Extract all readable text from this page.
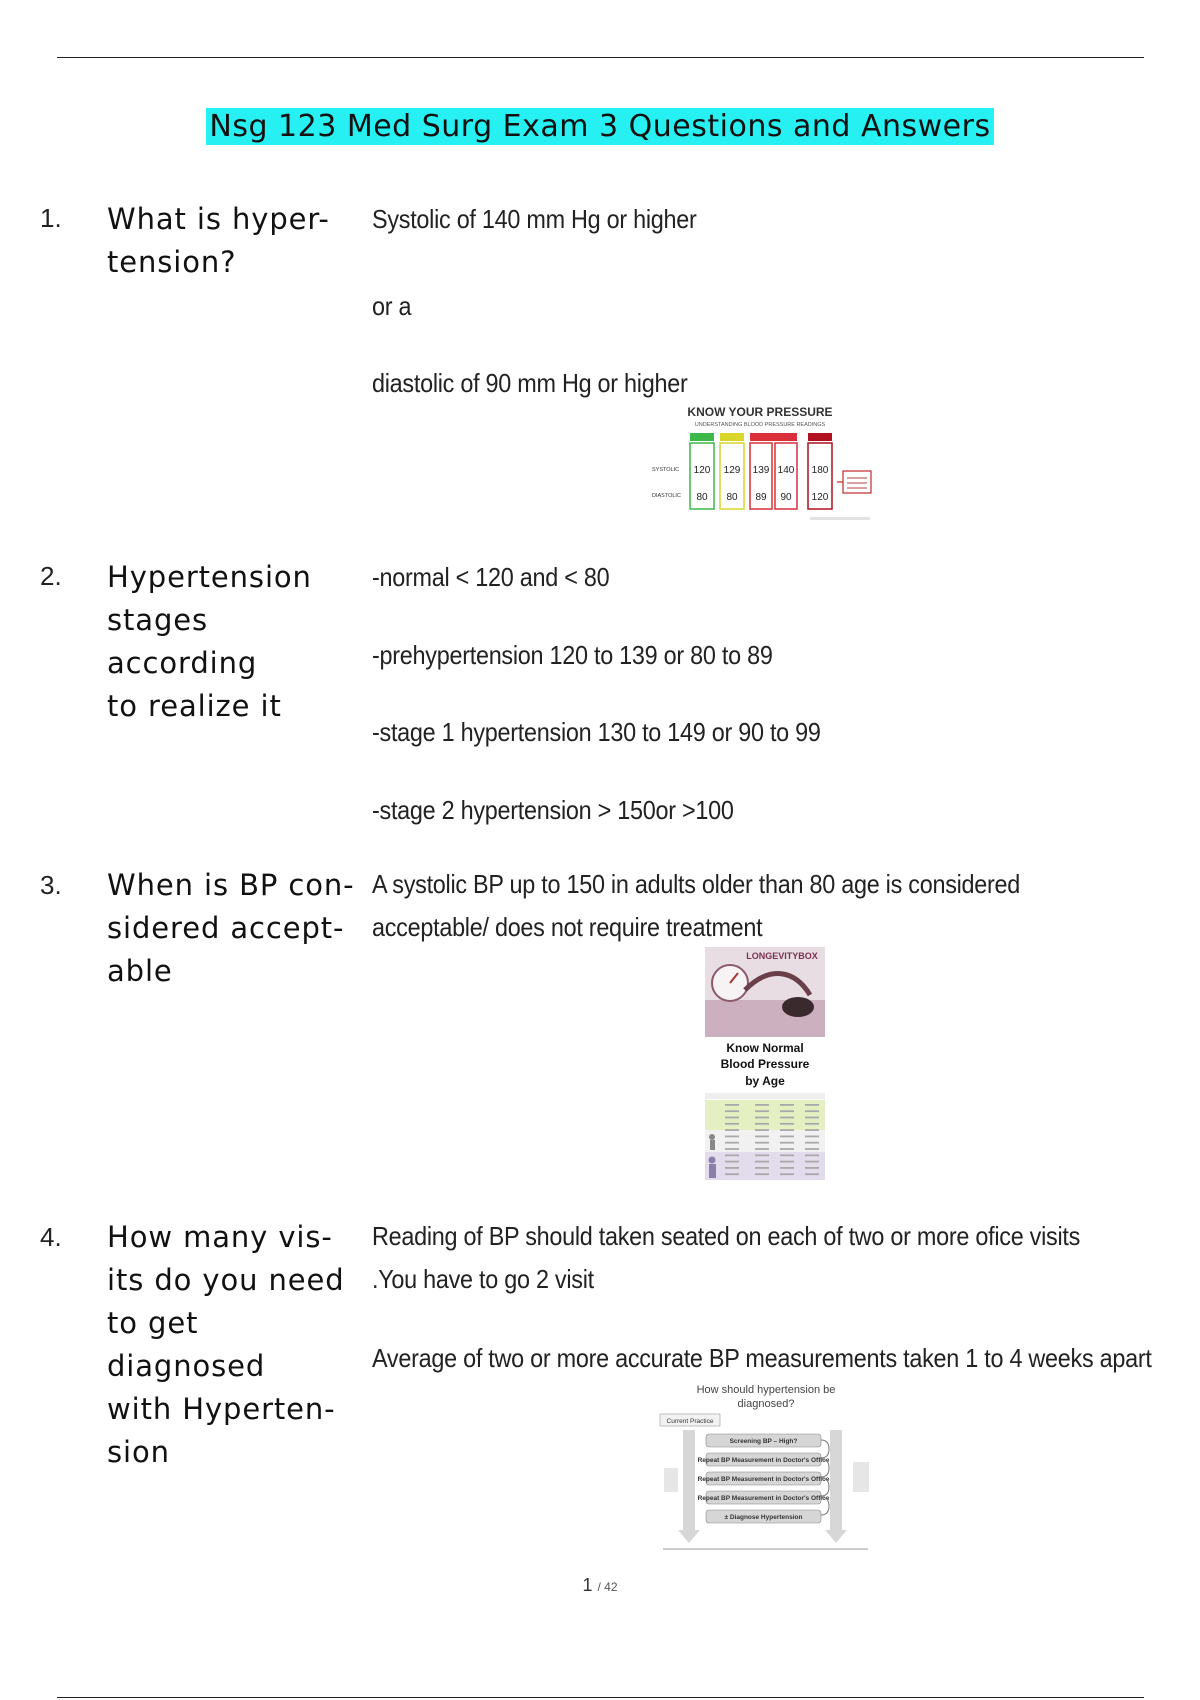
Nsg 123 Med Surg Exam 3 Questions and Answers
1. What is hyper-
tension?
Systolic of 140 mm Hg or higher
or a
diastolic of 90 mm Hg or higher
KNOW YOUR PRESSURE
UNDERSTANDING BLOOD PRESSURE READINGS
SYSTOLIC
DIASTOLIC
120
80
129
80
139
89
140
90
180
120
2. Hypertension
stages according
to realize it
-normal < 120 and < 80
-prehypertension 120 to 139 or 80 to 89
-stage 1 hypertension 130 to 149 or 90 to 99
-stage 2 hypertension > 150or >100
3. When is BP con-
sidered accept-
able
A systolic BP up to 150 in adults older than 80 age is considered acceptable/ does not require treatment
LONGEVITYBOX
Know Normal
Blood Pressure
by Age
4. How many vis-
its do you need
to get diagnosed
with Hyperten-
sion
Reading of BP should taken seated on each of two or more ofice visits .You have to go 2 visit
Average of two or more accurate BP measurements taken 1 to 4 weeks apart
How should hypertension be
diagnosed?
Current Practice
Screening BP – High?
Repeat BP Measurement in Doctor's Office
Repeat BP Measurement in Doctor's Office
Repeat BP Measurement in Doctor's Office
± Diagnose Hypertension
1 / 42
